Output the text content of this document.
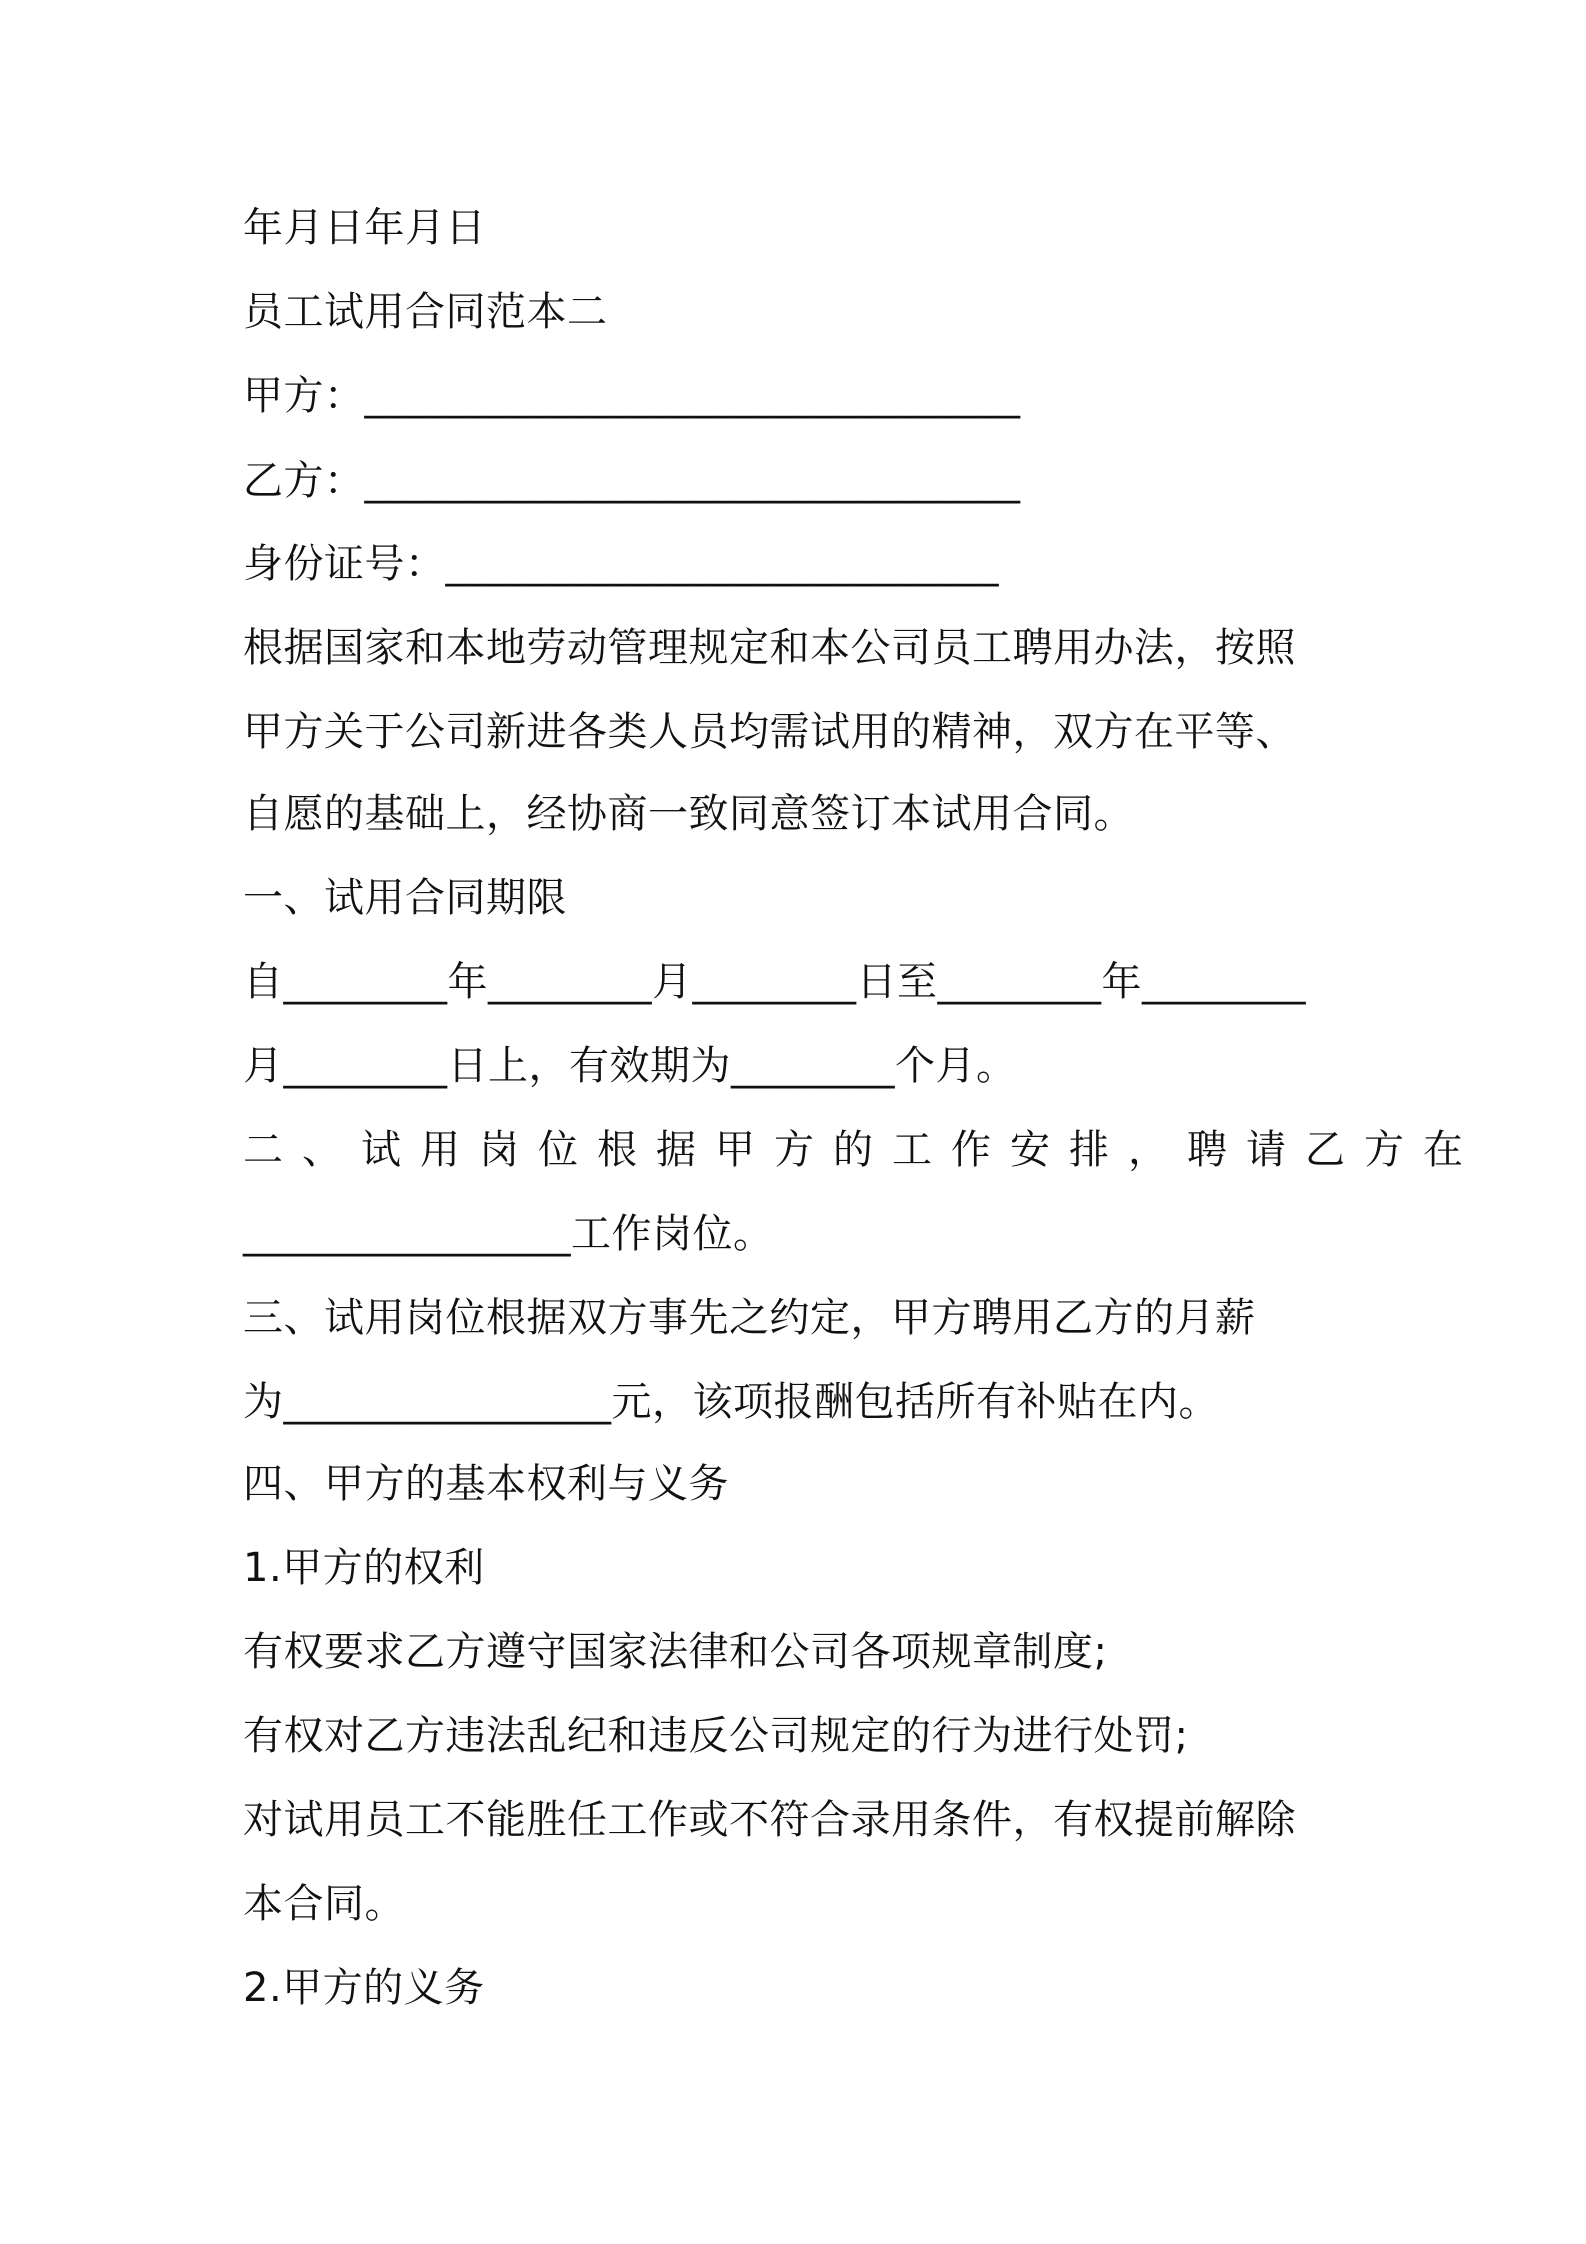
年月日年月日
员工试用合同范本二
甲方：________________________________
乙方：________________________________
身份证号：___________________________
根据国家和本地劳动管理规定和本公司员工聘用办法，按照
甲方关于公司新进各类人员均需试用的精神，双方在平等、
自愿的基础上，经协商一致同意签订本试用合同。
一、试用合同期限
自________年________月________日至________年________
月________日上，有效期为________个月。
二、试用岗位根据甲方的工作安排，聘请乙方在
________________工作岗位。
三、试用岗位根据双方事先之约定，甲方聘用乙方的月薪
为________________元，该项报酬包括所有补贴在内。
四、甲方的基本权利与义务
1.甲方的权利
有权要求乙方遵守国家法律和公司各项规章制度;
有权对乙方违法乱纪和违反公司规定的行为进行处罚;
对试用员工不能胜任工作或不符合录用条件，有权提前解除
本合同。
2.甲方的义务
